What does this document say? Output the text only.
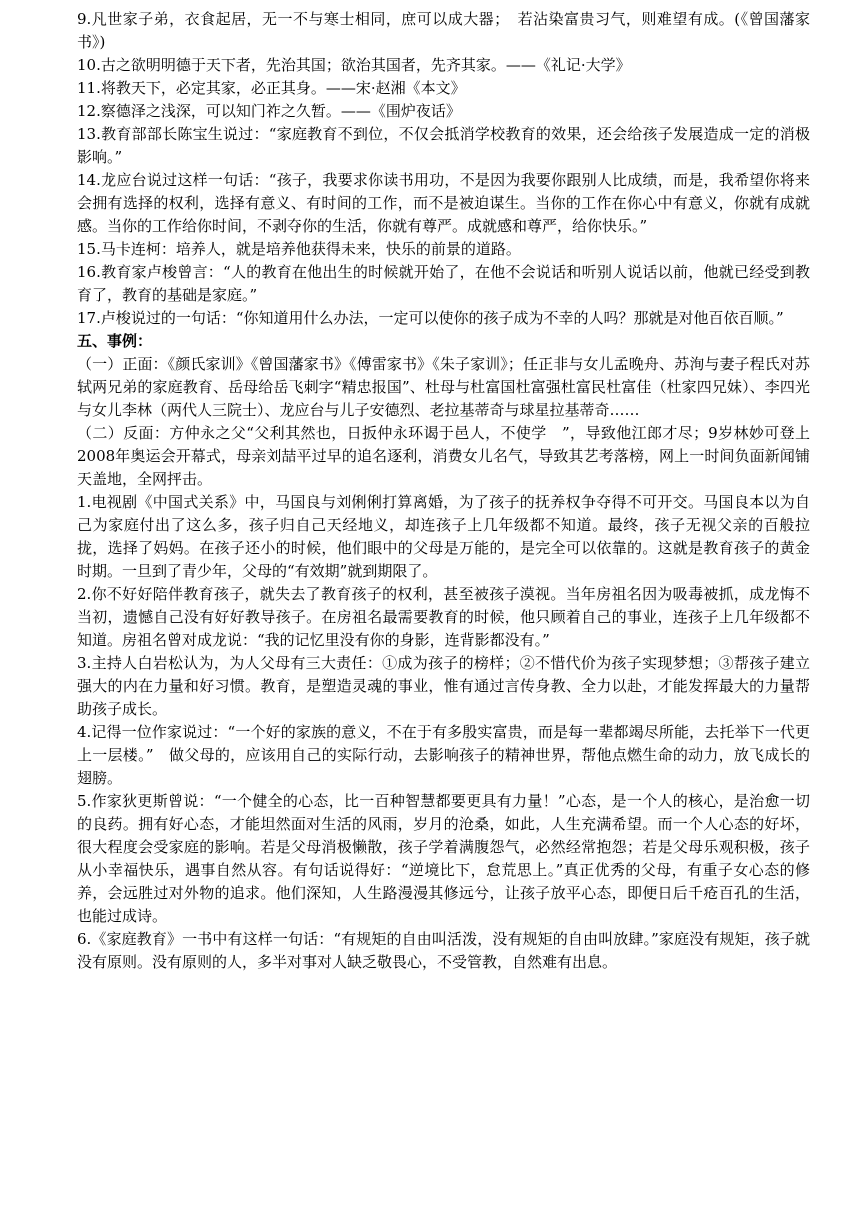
9.凡世家子弟，衣食起居，无一不与寒士相同，庶可以成大器；　若沾染富贵习气，则难望有成。(《曾国藩家书》)

10.古之欲明明德于天下者，先治其国；欲治其国者，先齐其家。——《礼记·大学》

11.将教天下，必定其家，必正其身。——宋·赵湘《本文》

12.察德泽之浅深，可以知门祚之久暂。——《围炉夜话》

13.教育部部长陈宝生说过：“家庭教育不到位，不仅会抵消学校教育的效果，还会给孩子发展造成一定的消极影响。”

14.龙应台说过这样一句话：“孩子，我要求你读书用功，不是因为我要你跟别人比成绩，而是，我希望你将来会拥有选择的权利，选择有意义、有时间的工作，而不是被迫谋生。当你的工作在你心中有意义，你就有成就感。当你的工作给你时间，不剥夺你的生活，你就有尊严。成就感和尊严，给你快乐。”

15.马卡连柯：培养人，就是培养他获得未来，快乐的前景的道路。

16.教育家卢梭曾言：“人的教育在他出生的时候就开始了，在他不会说话和听别人说话以前，他就已经受到教育了，教育的基础是家庭。”

17.卢梭说过的一句话：“你知道用什么办法，一定可以使你的孩子成为不幸的人吗？那就是对他百依百顺。”

五、事例：

（一）正面：《颜氏家训》《曾国藩家书》《傅雷家书》《朱子家训》；任正非与女儿孟晚舟、苏洵与妻子程氏对苏轼两兄弟的家庭教育、岳母给岳飞刺字“精忠报国”、杜母与杜富国杜富强杜富民杜富佳（杜家四兄妹）、李四光与女儿李林（两代人三院士）、龙应台与儿子安德烈、老拉基蒂奇与球星拉基蒂奇……

（二）反面：方仲永之父“父利其然也，日扳仲永环谒于邑人，不使学　”，导致他江郎才尽；9岁林妙可登上2008年奥运会开幕式，母亲刘喆平过早的追名逐利，消费女儿名气，导致其艺考落榜，网上一时间负面新闻铺天盖地，全网抨击。

1.电视剧《中国式关系》中，马国良与刘俐俐打算离婚，为了孩子的抚养权争夺得不可开交。马国良本以为自己为家庭付出了这么多，孩子归自己天经地义，却连孩子上几年级都不知道。最终，孩子无视父亲的百般拉拢，选择了妈妈。在孩子还小的时候，他们眼中的父母是万能的，是完全可以依靠的。这就是教育孩子的黄金时期。一旦到了青少年，父母的“有效期”就到期限了。

2.你不好好陪伴教育孩子，就失去了教育孩子的权利，甚至被孩子漠视。当年房祖名因为吸毒被抓，成龙悔不当初，遗憾自己没有好好教导孩子。在房祖名最需要教育的时候，他只顾着自己的事业，连孩子上几年级都不知道。房祖名曾对成龙说：“我的记忆里没有你的身影，连背影都没有。”

3.主持人白岩松认为，为人父母有三大责任：①成为孩子的榜样；②不惜代价为孩子实现梦想；③帮孩子建立强大的内在力量和好习惯。教育，是塑造灵魂的事业，惟有通过言传身教、全力以赴，才能发挥最大的力量帮助孩子成长。

4.记得一位作家说过：“一个好的家族的意义，不在于有多殷实富贵，而是每一辈都竭尽所能，去托举下一代更上一层楼。”　做父母的，应该用自己的实际行动，去影响孩子的精神世界，帮他点燃生命的动力，放飞成长的翅膀。

5.作家狄更斯曾说：“一个健全的心态，比一百种智慧都要更具有力量！”心态，是一个人的核心，是治愈一切的良药。拥有好心态，才能坦然面对生活的风雨，岁月的沧桑，如此，人生充满希望。而一个人心态的好坏，很大程度会受家庭的影响。若是父母消极懒散，孩子学着满腹怨气，必然经常抱怨；若是父母乐观积极，孩子从小幸福快乐，遇事自然从容。有句话说得好：“逆境比下，怠荒思上。”真正优秀的父母，有重子女心态的修养，会远胜过对外物的追求。他们深知，人生路漫漫其修远兮，让孩子放平心态，即便日后千疮百孔的生活，也能过成诗。

6.《家庭教育》一书中有这样一句话：“有规矩的自由叫活泼，没有规矩的自由叫放肆。”家庭没有规矩，孩子就没有原则。没有原则的人，多半对事对人缺乏敬畏心，不受管教，自然难有出息。
